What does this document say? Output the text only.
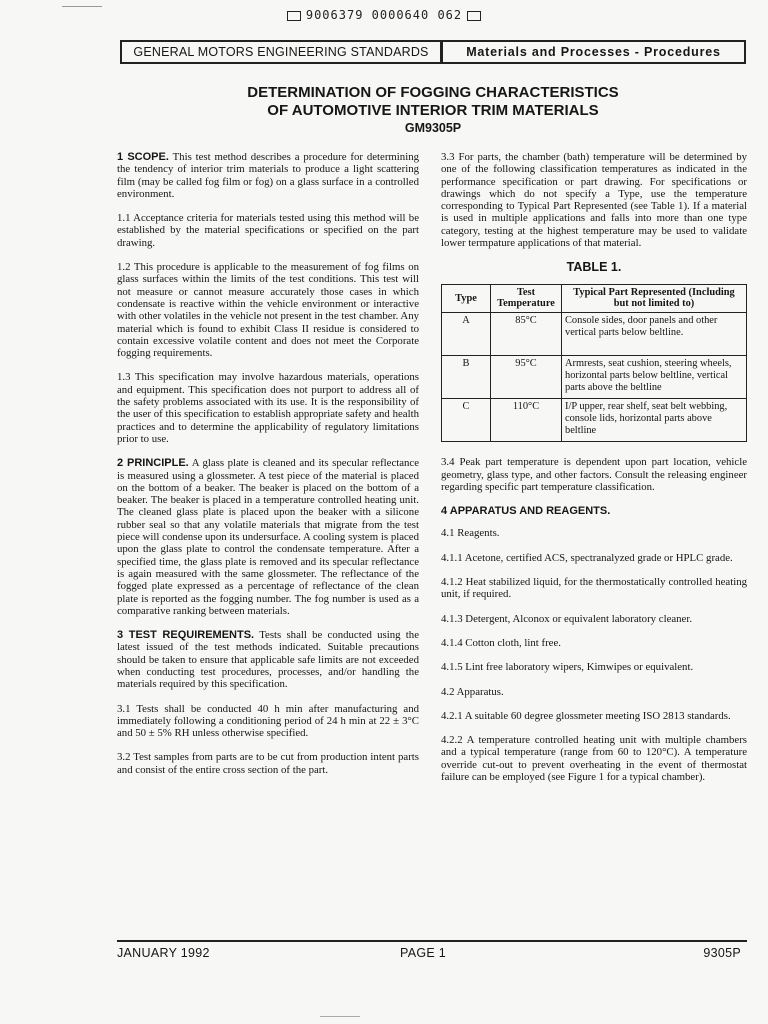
9006379 0000640 062
GENERAL MOTORS ENGINEERING STANDARDS	Materials and Processes - Procedures
DETERMINATION OF FOGGING CHARACTERISTICS
OF AUTOMOTIVE INTERIOR TRIM MATERIALS
GM9305P

1 SCOPE. This test method describes a procedure for determining the tendency of interior trim materials to produce a light scattering film (may be called fog film or fog) on a glass surface in a controlled environment.

1.1 Acceptance criteria for materials tested using this method will be established by the material specifications or specified on the part drawing.

1.2 This procedure is applicable to the measurement of fog films on glass surfaces within the limits of the test conditions. This test will not measure or cannot measure accurately those cases in which condensate is reactive within the vehicle environment or interactive with other volatiles in the vehicle not present in the test chamber. Any material which is found to exhibit Class II residue is considered to contain excessive volatile content and does not meet the Corporate fogging requirements.

1.3 This specification may involve hazardous materials, operations and equipment. This specification does not purport to address all of the safety problems associated with its use. It is the responsibility of the user of this specification to establish appropriate safety and health practices and to determine the applicability of regulatory limitations prior to use.

2 PRINCIPLE. A glass plate is cleaned and its specular reflectance is measured using a glossmeter. A test piece of the material is placed on the bottom of a beaker. The beaker is placed on the bottom of a beaker. The beaker is placed in a temperature controlled heating unit. The cleaned glass plate is placed upon the beaker with a silicone rubber seal so that any volatile materials that migrate from the test piece will condense upon its undersurface. A cooling system is placed upon the glass plate to control the condensate temperature. After a specified time, the glass plate is removed and its specular reflectance is again measured with the same glossmeter. The reflectance of the fogged plate expressed as a percentage of reflectance of the clean plate is reported as the fogging number. The fog number is used as a comparative ranking between materials.

3 TEST REQUIREMENTS. Tests shall be conducted using the latest issued of the test methods indicated. Suitable precautions should be taken to ensure that applicable safe limits are not exceeded when conducting test procedures, processes, and/or handling the materials required by this specification.

3.1 Tests shall be conducted 40 h min after manufacturing and immediately following a conditioning period of 24 h min at 22 ± 3°C and 50 ± 5% RH unless otherwise specified.

3.2 Test samples from parts are to be cut from production intent parts and consist of the entire cross section of the part.

3.3 For parts, the chamber (bath) temperature will be determined by one of the following classification temperatures as indicated in the performance specification or part drawing. For specifications or drawings which do not specify a Type, use the temperature corresponding to Typical Part Represented (see Table 1). If a material is used in multiple applications and falls into more than one type category, testing at the highest temperature may be used to validate lower termpature applications of that material.

TABLE 1.
Type	Test Temperature	Typical Part Represented (Including but not limited to)
A	85°C	Console sides, door panels and other vertical parts below beltline.
B	95°C	Armrests, seat cushion, steering wheels, horizontal parts below beltline, vertical parts above the beltline
C	110°C	I/P upper, rear shelf, seat belt webbing, console lids, horizontal parts above beltline

3.4 Peak part temperature is dependent upon part location, vehicle geometry, glass type, and other factors. Consult the releasing engineer regarding specific part temperature classification.

4 APPARATUS AND REAGENTS.

4.1 Reagents.

4.1.1 Acetone, certified ACS, spectranalyzed grade or HPLC grade.

4.1.2 Heat stabilized liquid, for the thermostatically controlled heating unit, if required.

4.1.3 Detergent, Alconox or equivalent laboratory cleaner.

4.1.4 Cotton cloth, lint free.

4.1.5 Lint free laboratory wipers, Kimwipes or equivalent.

4.2 Apparatus.

4.2.1 A suitable 60 degree glossmeter meeting ISO 2813 standards.

4.2.2 A temperature controlled heating unit with multiple chambers and a typical temperature (range from 60 to 120°C). A temperature override cut-out to prevent overheating in the event of thermostat failure can be employed (see Figure 1 for a typical chamber).

JANUARY 1992	PAGE 1	9305P
